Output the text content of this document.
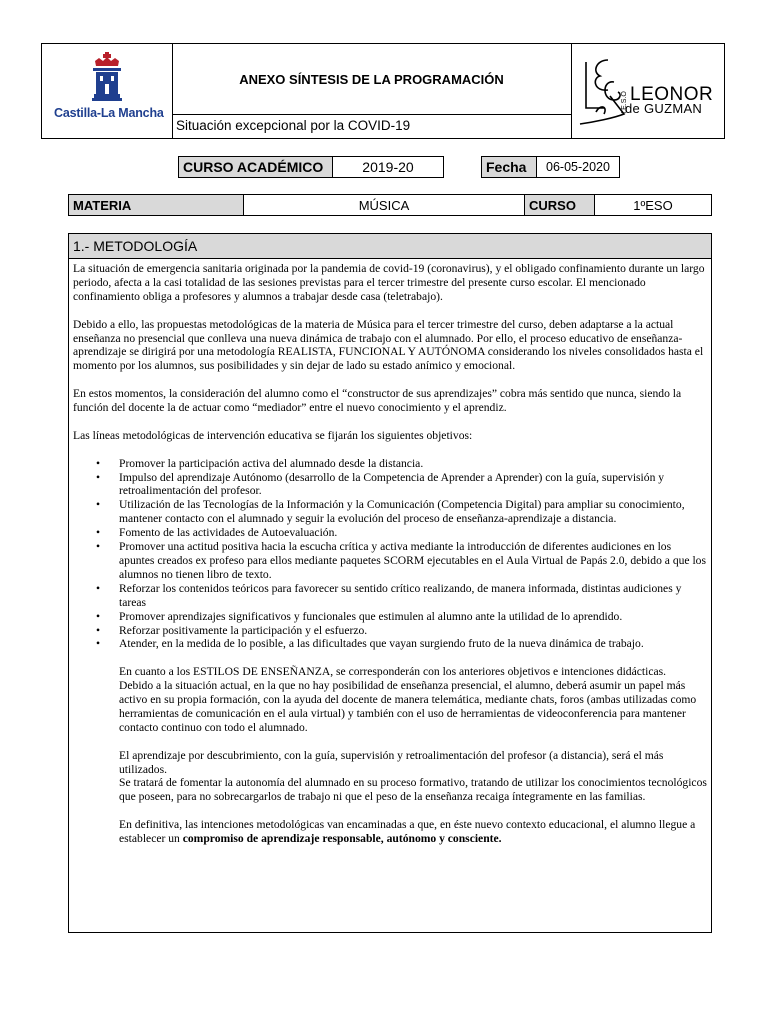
Castilla-La Mancha
ANEXO SÍNTESIS DE LA PROGRAMACIÓN
Situación excepcional por la COVID-19
I.E.S.O LEONOR
de GUZMAN
CURSO ACADÉMICO	2019-20	Fecha	06-05-2020
MATERIA	MÚSICA	CURSO	1ºESO
1.- METODOLOGÍA

La situación de emergencia sanitaria originada por la pandemia de covid-19 (coronavirus), y el obligado confinamiento durante un largo periodo, afecta a la casi totalidad de las sesiones previstas para el tercer trimestre del presente curso escolar. El mencionado confinamiento obliga a profesores y alumnos a trabajar desde casa (teletrabajo).

Debido a ello, las propuestas metodológicas de la materia de Música para el tercer trimestre del curso, deben adaptarse a la actual enseñanza no presencial que conlleva una nueva dinámica de trabajo con el alumnado. Por ello, el proceso educativo de enseñanza- aprendizaje se dirigirá por una metodología REALISTA, FUNCIONAL Y AUTÓNOMA considerando los niveles consolidados hasta el momento por los alumnos, sus posibilidades y sin dejar de lado su estado anímico y emocional.

En estos momentos, la consideración del alumno como el “constructor de sus aprendizajes” cobra más sentido que nunca, siendo la función del docente la de actuar como “mediador” entre el nuevo conocimiento y el aprendiz.

Las líneas metodológicas de intervención educativa se fijarán los siguientes objetivos:

• Promover la participación activa del alumnado desde la distancia.
• Impulso del aprendizaje Autónomo (desarrollo de la Competencia de Aprender a Aprender) con la guía, supervisión y retroalimentación del profesor.
• Utilización de las Tecnologías de la Información y la Comunicación (Competencia Digital) para ampliar su conocimiento, mantener contacto con el alumnado y seguir la evolución del proceso de enseñanza-aprendizaje a distancia.
• Fomento de las actividades de Autoevaluación.
• Promover una actitud positiva hacia la escucha crítica y activa mediante la introducción de diferentes audiciones en los apuntes creados ex profeso para ellos mediante paquetes SCORM ejecutables en el Aula Virtual de Papás 2.0, debido a que los alumnos no tienen libro de texto.
• Reforzar los contenidos teóricos para favorecer su sentido crítico realizando, de manera informada, distintas audiciones y tareas
• Promover aprendizajes significativos y funcionales que estimulen al alumno ante la utilidad de lo aprendido.
• Reforzar positivamente la participación y el esfuerzo.
• Atender, en la medida de lo posible, a las dificultades que vayan surgiendo fruto de la nueva dinámica de trabajo.

En cuanto a los ESTILOS DE ENSEÑANZA, se corresponderán con los anteriores objetivos e intenciones didácticas.

Debido a la situación actual, en la que no hay posibilidad de enseñanza presencial, el alumno, deberá asumir un papel más activo en su propia formación, con la ayuda del docente de manera telemática, mediante chats, foros (ambas utilizadas como herramientas de comunicación en el aula virtual) y también con el uso de herramientas de videoconferencia para mantener contacto continuo con todo el alumnado.

El aprendizaje por descubrimiento, con la guía, supervisión y retroalimentación del profesor (a distancia), será el más utilizados.

Se tratará de fomentar la autonomía del alumnado en su proceso formativo, tratando de utilizar los conocimientos tecnológicos que poseen, para no sobrecargarlos de trabajo ni que el peso de la enseñanza recaiga íntegramente en las familias.

En definitiva, las intenciones metodológicas van encaminadas a que, en éste nuevo contexto educacional, el alumno llegue a establecer un compromiso de aprendizaje responsable, autónomo y consciente.
